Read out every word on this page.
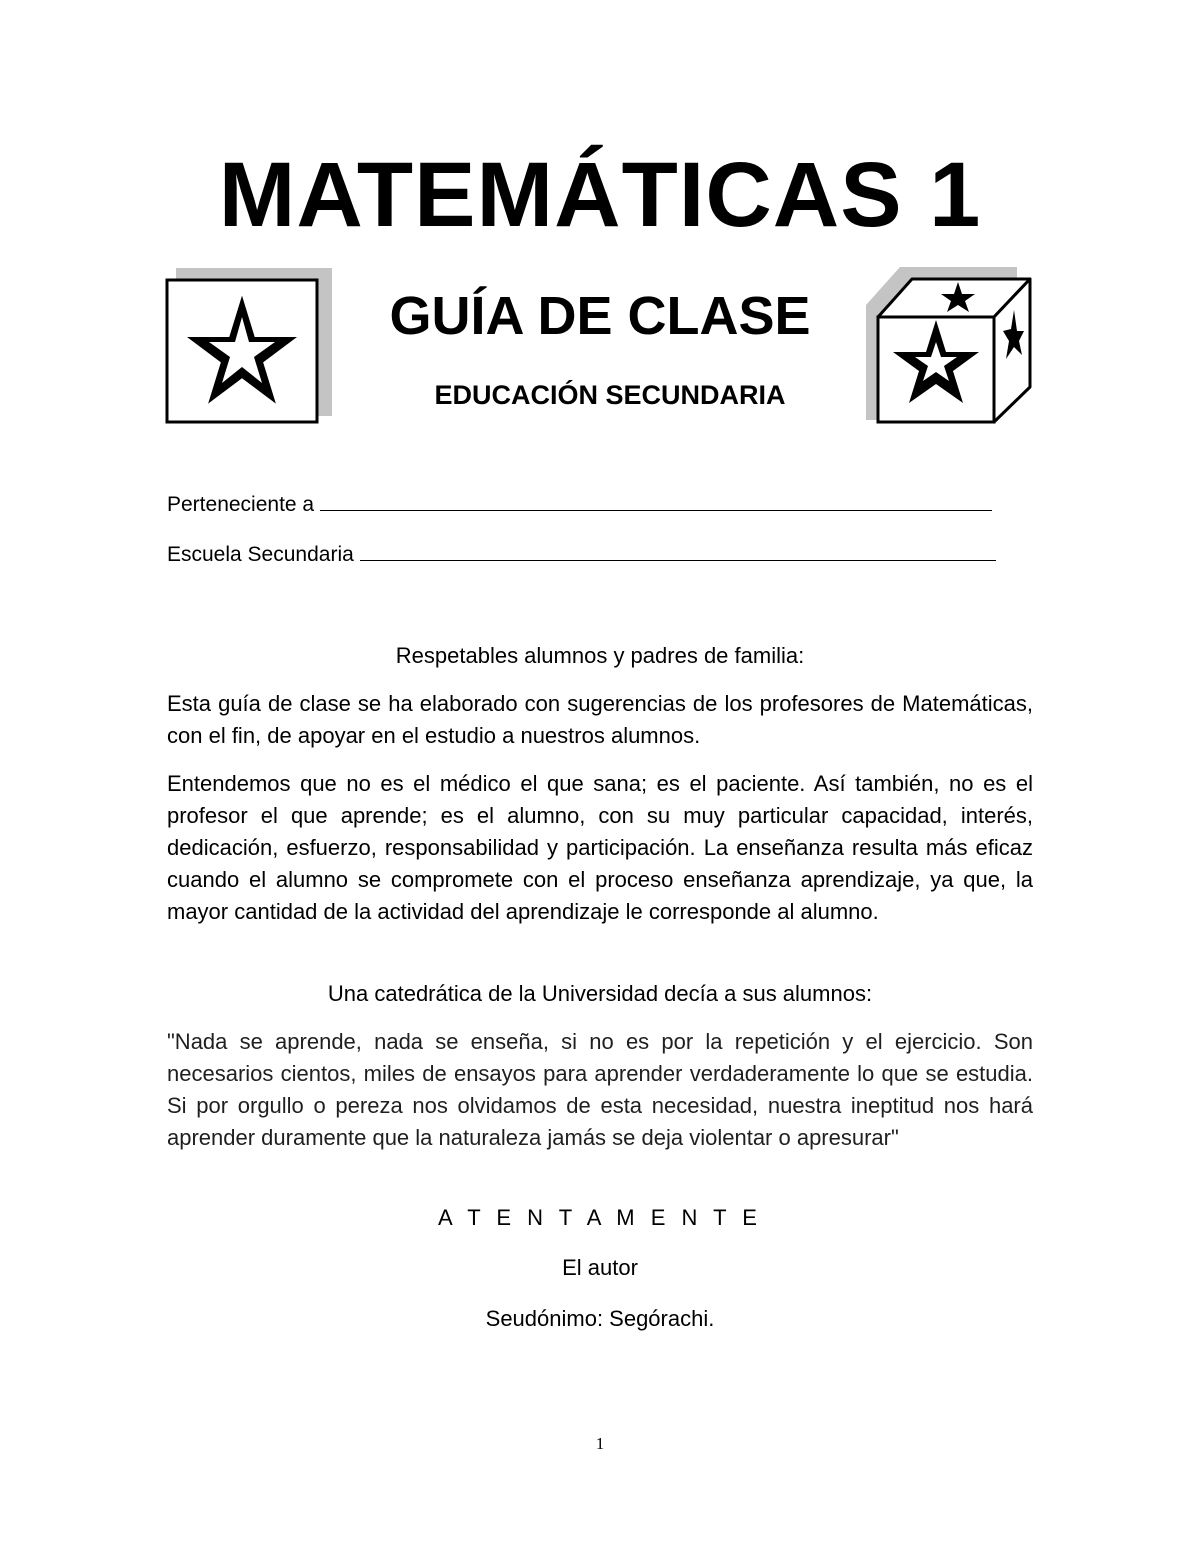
MATEMÁTICAS 1
GUÍA DE CLASE
EDUCACIÓN SECUNDARIA
Perteneciente a
Escuela Secundaria
Respetables alumnos y padres de familia:
Esta guía de clase se ha elaborado con sugerencias de los profesores de Matemáticas, con el fin, de apoyar en el estudio a nuestros alumnos.
Entendemos que no es el médico el que sana; es el paciente. Así también, no es el profesor el que aprende; es el alumno, con su muy particular capacidad, interés, dedicación, esfuerzo, responsabilidad y participación. La enseñanza resulta más eficaz cuando el alumno se compromete con el proceso enseñanza aprendizaje, ya que, la mayor cantidad de la actividad del aprendizaje le corresponde al alumno.
Una catedrática de la Universidad decía a sus alumnos:
"Nada se aprende, nada se enseña, si no es por la repetición y el ejercicio. Son necesarios cientos, miles de ensayos para aprender verdaderamente lo que se estudia. Si por orgullo o pereza nos olvidamos de esta necesidad, nuestra ineptitud nos hará aprender duramente que la naturaleza jamás se deja violentar o apresurar"
A T E N T A M E N T E
El autor
Seudónimo: Segórachi.
1
